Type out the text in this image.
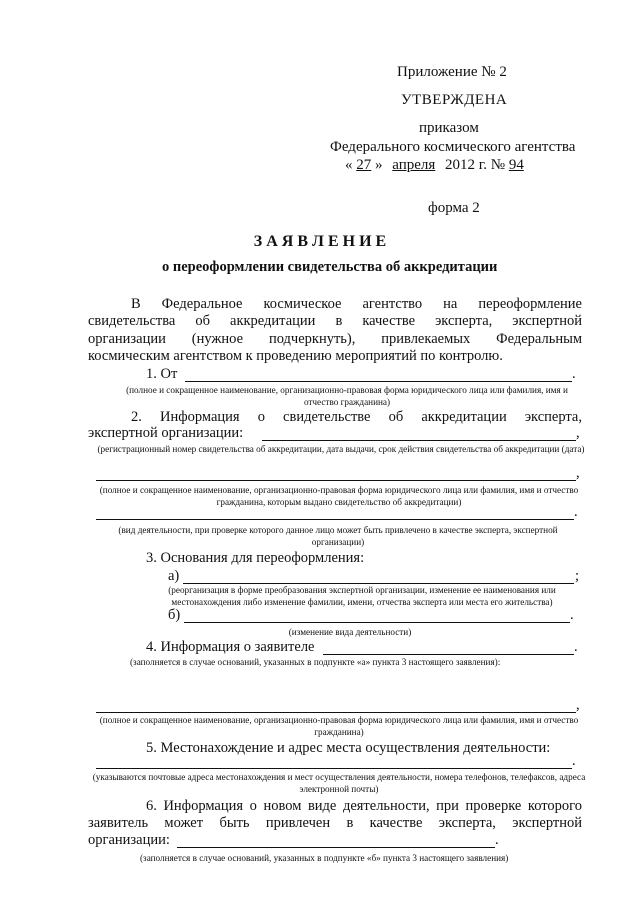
Приложение № 2
УТВЕРЖДЕНА
приказом
Федерального космического агентства
« 27 » апреля 2012 г. № 94
форма 2
З А Я В Л Е Н И Е
о переоформлении свидетельства об аккредитации
В Федеральное космическое агентство на переоформление
свидетельства об аккредитации в качестве эксперта, экспертной
организации (нужное подчеркнуть), привлекаемых Федеральным
космическим агентством к проведению мероприятий по контролю.
1. От	.
(полное и сокращенное наименование, организационно-правовая форма юридического лица или фамилия, имя и отчество гражданина)
2. Информация о свидетельстве об аккредитации эксперта,
экспертной организации:	,
(регистрационный номер свидетельства об аккредитации, дата выдачи, срок действия свидетельства об аккредитации (дата)
,
(полное и сокращенное наименование, организационно-правовая форма юридического лица или фамилия, имя и отчество гражданина, которым выдано свидетельство об аккредитации)
.
(вид деятельности, при проверке которого данное лицо может быть привлечено в качестве эксперта, экспертной организации)
3. Основания для переоформления:
а)	;
(реорганизация в форме преобразования экспертной организации, изменение ее наименования или местонахождения либо изменение фамилии, имени, отчества эксперта или места его жительства)
б)	.
(изменение вида деятельности)
4. Информация о заявителе	.
(заполняется в случае оснований, указанных в подпункте «а» пункта 3 настоящего заявления):
,
(полное и сокращенное наименование, организационно-правовая форма юридического лица или фамилия, имя и отчество гражданина)
5. Местонахождение и адрес места осуществления деятельности:
.
(указываются почтовые адреса местонахождения и мест осуществления деятельности, номера телефонов, телефаксов, адреса электронной почты)
6. Информация о новом виде деятельности, при проверке которого
заявитель может быть привлечен в качестве эксперта, экспертной
организации:	.
(заполняется в случае оснований, указанных в подпункте «б» пункта 3 настоящего заявления)
